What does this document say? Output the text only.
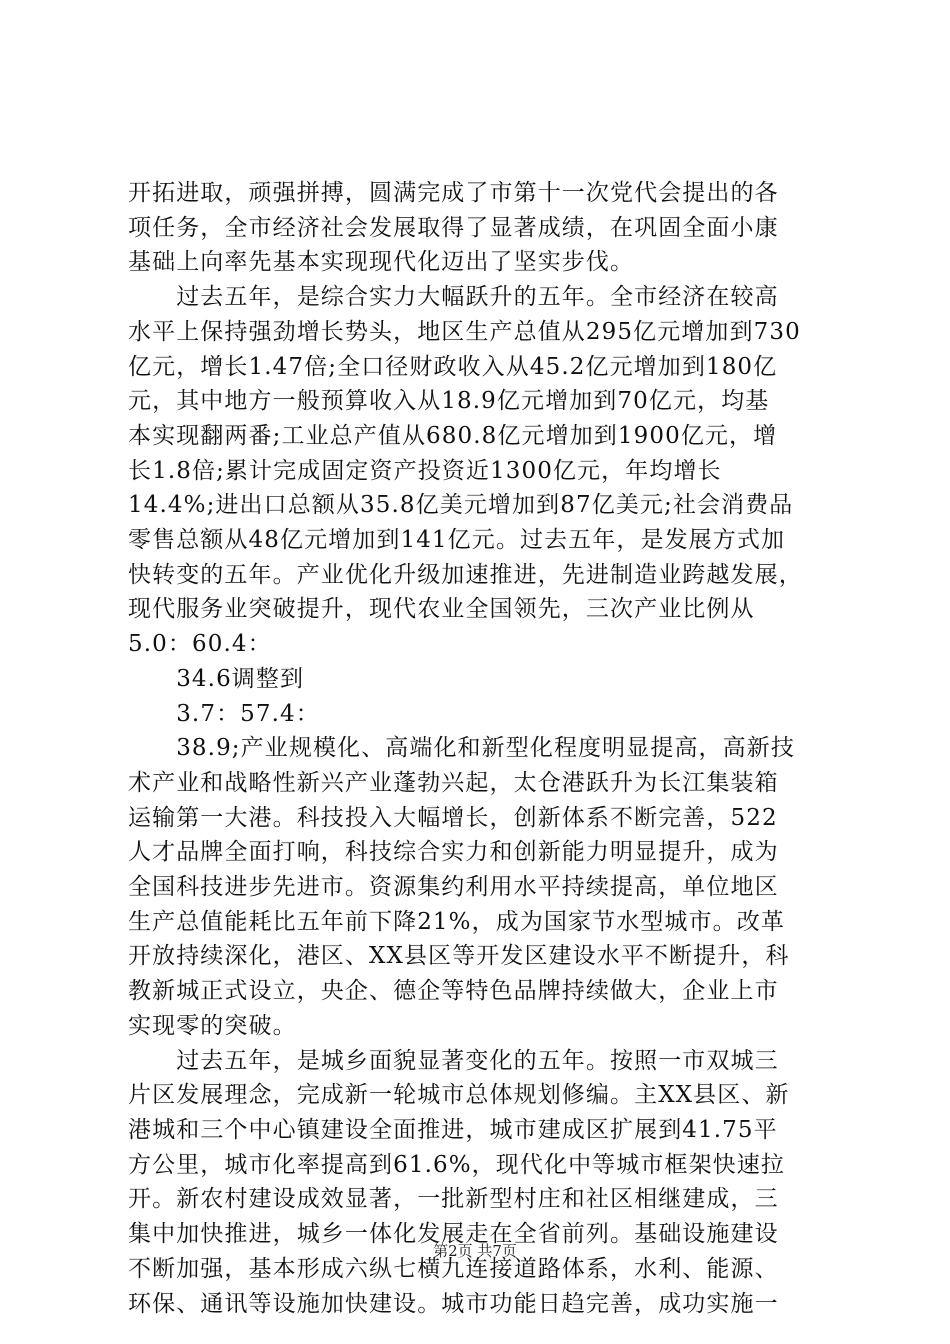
开拓进取，顽强拼搏，圆满完成了市第十一次党代会提出的各
项任务，全市经济社会发展取得了显著成绩，在巩固全面小康
基础上向率先基本实现现代化迈出了坚实步伐。

　　过去五年，是综合实力大幅跃升的五年。全市经济在较高
水平上保持强劲增长势头，地区生产总值从295亿元增加到730
亿元，增长1.47倍;全口径财政收入从45.2亿元增加到180亿
元，其中地方一般预算收入从18.9亿元增加到70亿元，均基
本实现翻两番;工业总产值从680.8亿元增加到1900亿元，增
长1.8倍;累计完成固定资产投资近1300亿元，年均增长
14.4%;进出口总额从35.8亿美元增加到87亿美元;社会消费品
零售总额从48亿元增加到141亿元。过去五年，是发展方式加
快转变的五年。产业优化升级加速推进，先进制造业跨越发展，
现代服务业突破提升，现代农业全国领先，三次产业比例从
5.0：60.4：

　　34.6调整到

　　3.7：57.4：

　　38.9;产业规模化、高端化和新型化程度明显提高，高新技
术产业和战略性新兴产业蓬勃兴起，太仓港跃升为长江集装箱
运输第一大港。科技投入大幅增长，创新体系不断完善，522
人才品牌全面打响，科技综合实力和创新能力明显提升，成为
全国科技进步先进市。资源集约利用水平持续提高，单位地区
生产总值能耗比五年前下降21%，成为国家节水型城市。改革
开放持续深化，港区、XX县区等开发区建设水平不断提升，科
教新城正式设立，央企、德企等特色品牌持续做大，企业上市
实现零的突破。

　　过去五年，是城乡面貌显著变化的五年。按照一市双城三
片区发展理念，完成新一轮城市总体规划修编。主XX县区、新
港城和三个中心镇建设全面推进，城市建成区扩展到41.75平
方公里，城市化率提高到61.6%，现代化中等城市框架快速拉
开。新农村建设成效显著，一批新型村庄和社区相继建成，三
集中加快推进，城乡一体化发展走在全省前列。基础设施建设
不断加强，基本形成六纵七横九连接道路体系，水利、能源、
环保、通讯等设施加快建设。城市功能日趋完善，成功实施一

第2页 共7页
